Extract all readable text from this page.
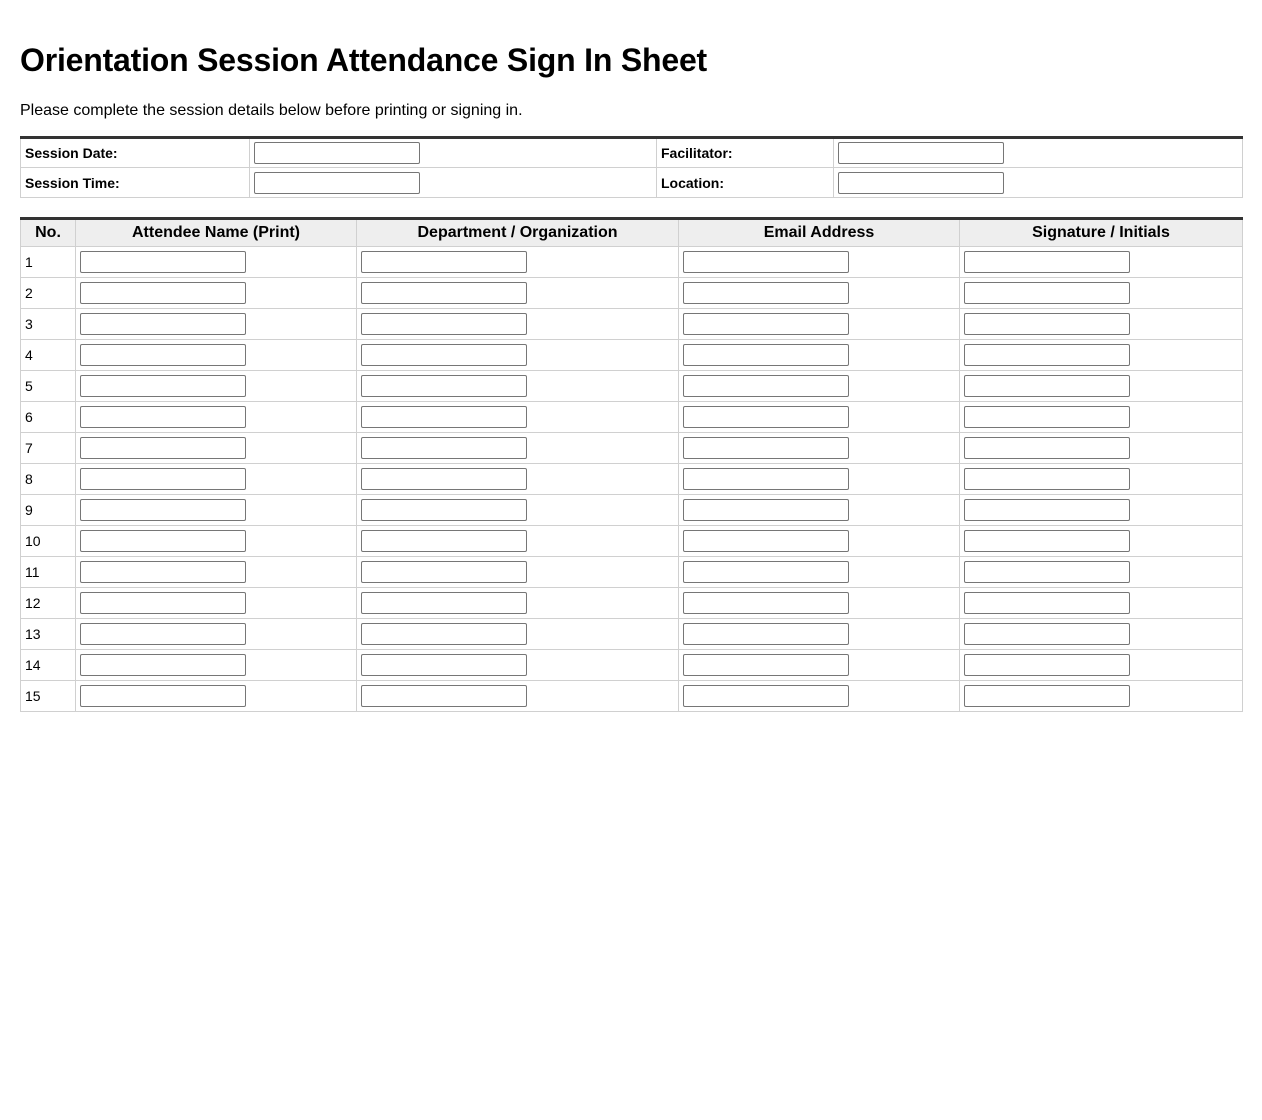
Orientation Session Attendance Sign In Sheet

Please complete the session details below before printing or signing in.

Session Date:		Facilitator:	

Session Time:		Location:	
No.	Attendee Name (Print)	Department / Organization	Email Address	Signature / Initials
1	

2	

3	

4	

5	

6	

7	

8	

9	

10	

11	

12	

13	

14	

15	
